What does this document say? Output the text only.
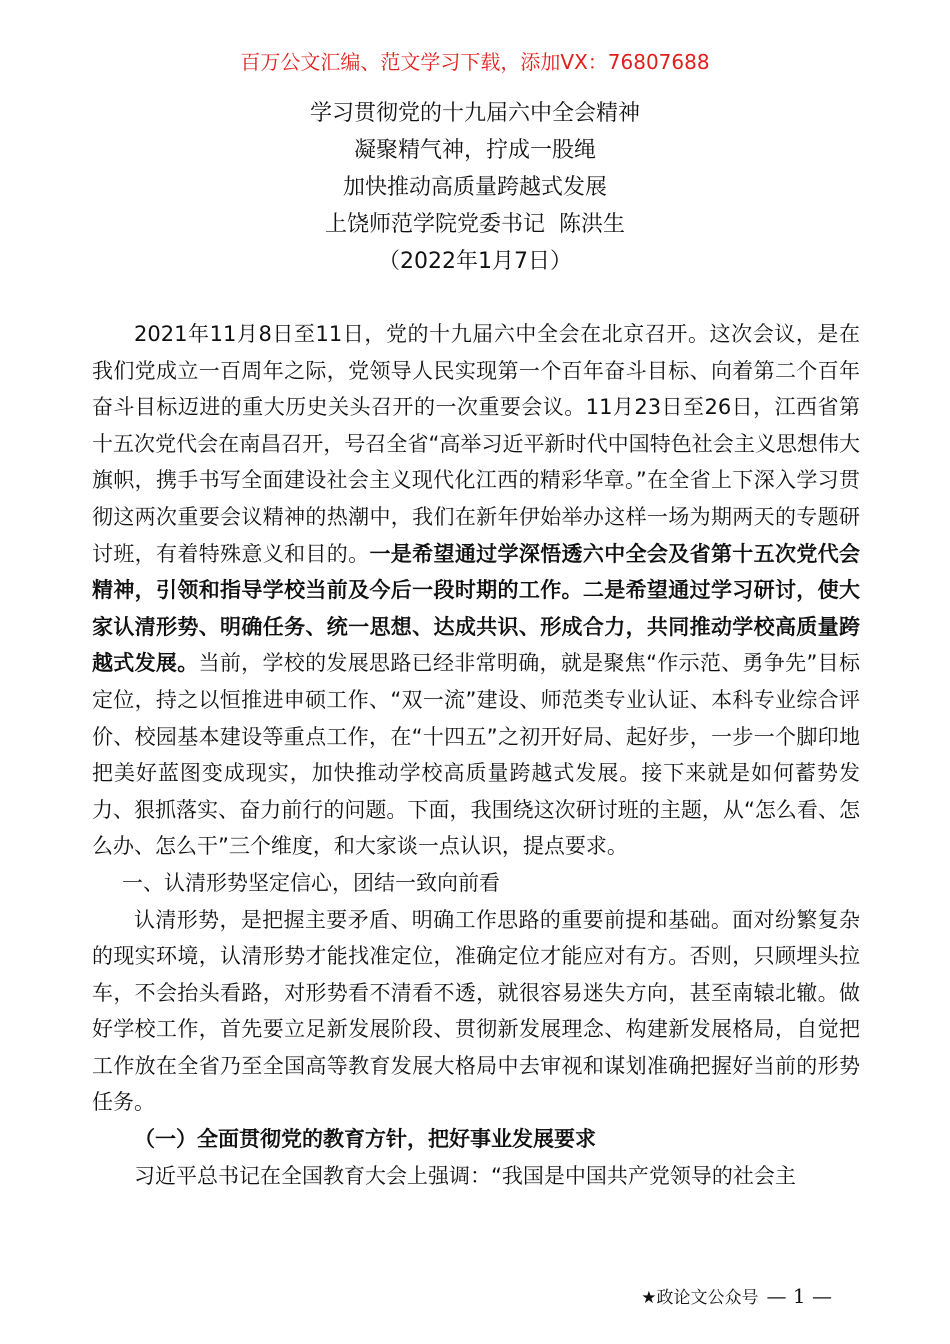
百万公文汇编、范文学习下载，添加VX：76807688
学习贯彻党的十九届六中全会精神
凝聚精气神，拧成一股绳
加快推动高质量跨越式发展
上饶师范学院党委书记  陈洪生
（2022年1月7日）

2021年11月8日至11日，党的十九届六中全会在北京召开。这次会议，是在我们党成立一百周年之际，党领导人民实现第一个百年奋斗目标、向着第二个百年奋斗目标迈进的重大历史关头召开的一次重要会议。11月23日至26日，江西省第十五次党代会在南昌召开，号召全省“高举习近平新时代中国特色社会主义思想伟大旗帜，携手书写全面建设社会主义现代化江西的精彩华章。”在全省上下深入学习贯彻这两次重要会议精神的热潮中，我们在新年伊始举办这样一场为期两天的专题研讨班，有着特殊意义和目的。一是希望通过学深悟透六中全会及省第十五次党代会精神，引领和指导学校当前及今后一段时期的工作。二是希望通过学习研讨，使大家认清形势、明确任务、统一思想、达成共识、形成合力，共同推动学校高质量跨越式发展。当前，学校的发展思路已经非常明确，就是聚焦“作示范、勇争先”目标定位，持之以恒推进申硕工作、“双一流”建设、师范类专业认证、本科专业综合评价、校园基本建设等重点工作，在“十四五”之初开好局、起好步，一步一个脚印地把美好蓝图变成现实，加快推动学校高质量跨越式发展。接下来就是如何蓄势发力、狠抓落实、奋力前行的问题。下面，我围绕这次研讨班的主题，从“怎么看、怎么办、怎么干”三个维度，和大家谈一点认识，提点要求。

一、认清形势坚定信心，团结一致向前看

认清形势，是把握主要矛盾、明确工作思路的重要前提和基础。面对纷繁复杂的现实环境，认清形势才能找准定位，准确定位才能应对有方。否则，只顾埋头拉车，不会抬头看路，对形势看不清看不透，就很容易迷失方向，甚至南辕北辙。做好学校工作，首先要立足新发展阶段、贯彻新发展理念、构建新发展格局，自觉把工作放在全省乃至全国高等教育发展大格局中去审视和谋划准确把握好当前的形势任务。

（一）全面贯彻党的教育方针，把好事业发展要求

习近平总书记在全国教育大会上强调：“我国是中国共产党领导的社会主

★政论文公众号 — 1 —
